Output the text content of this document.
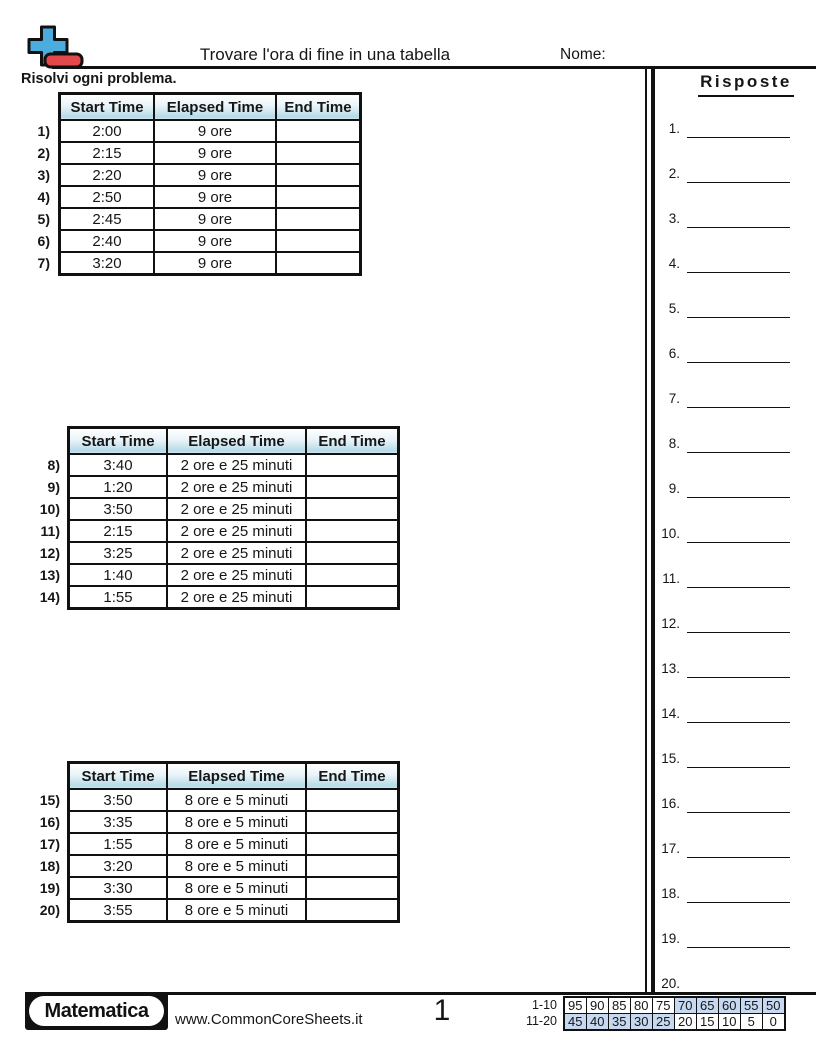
Trovare l'ora di fine in una tabella	Nome:
Risolvi ogni problema.
1)
2)
3)
4)
5)
6)
7)
Start Time	Elapsed Time	End Time
2:00	9 ore
2:15	9 ore
2:20	9 ore
2:50	9 ore
2:45	9 ore
2:40	9 ore
3:20	9 ore
8)
9)
10)
11)
12)
13)
14)
Start Time	Elapsed Time	End Time
3:40	2 ore e 25 minuti
1:20	2 ore e 25 minuti
3:50	2 ore e 25 minuti
2:15	2 ore e 25 minuti
3:25	2 ore e 25 minuti
1:40	2 ore e 25 minuti
1:55	2 ore e 25 minuti
15)
16)
17)
18)
19)
20)
Start Time	Elapsed Time	End Time
3:50	8 ore e 5 minuti
3:35	8 ore e 5 minuti
1:55	8 ore e 5 minuti
3:20	8 ore e 5 minuti
3:30	8 ore e 5 minuti
3:55	8 ore e 5 minuti
Risposte
1.
2.
3.
4.
5.
6.
7.
8.
9.
10.
11.
12.
13.
14.
15.
16.
17.
18.
19.
20.
Matematica	www.CommonCoreSheets.it 1	1-10
11-20
95 90 85 80 75 70 65 60 55 50
45 40 35 30 25 20 15 10 5	0
